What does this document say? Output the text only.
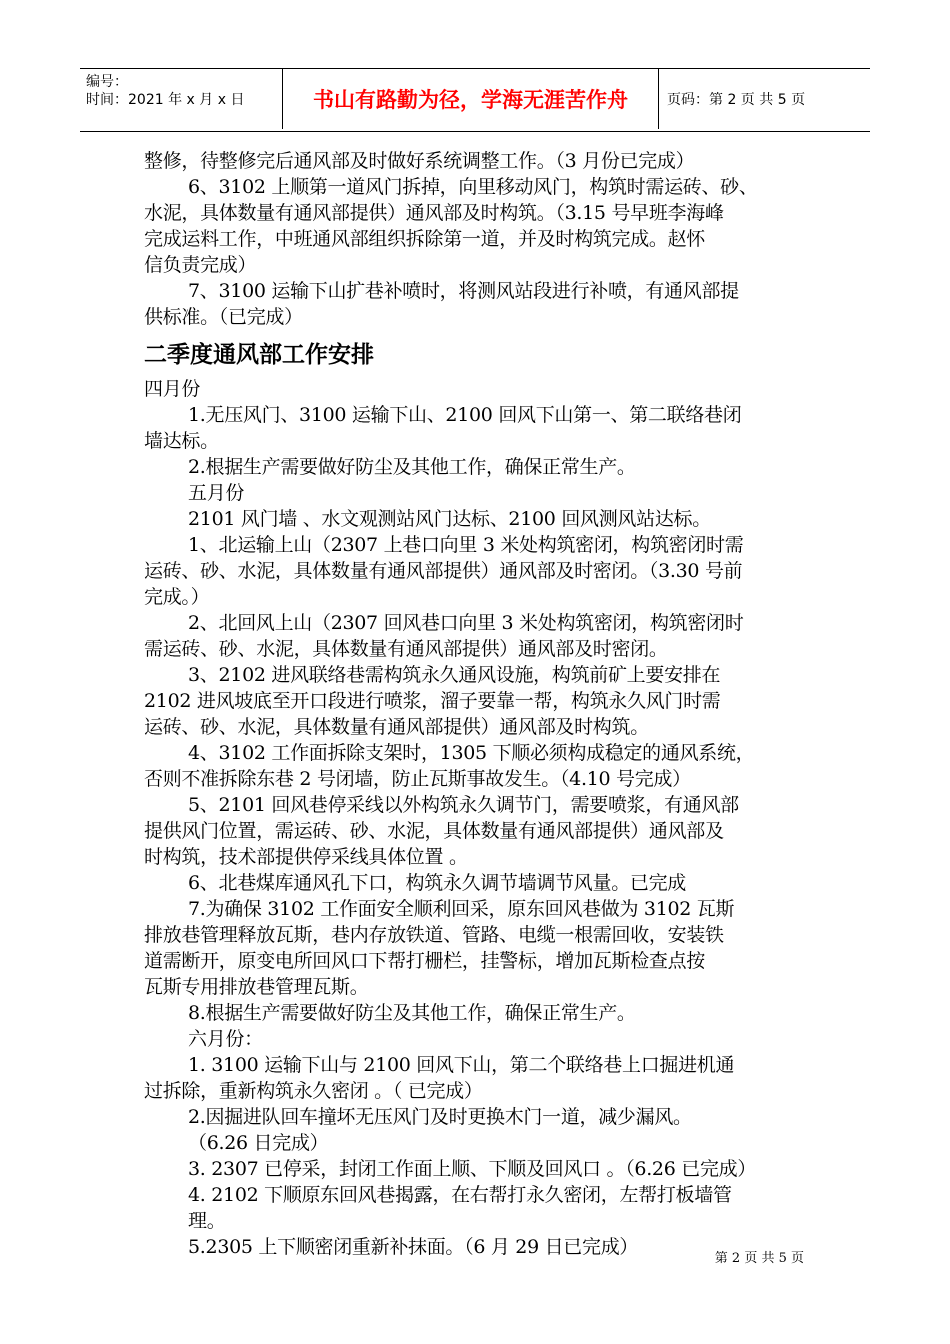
编号：
时间：2021 年 x 月 x 日	书山有路勤为径，学海无涯苦作舟	页码：第 2 页 共 5 页
整修，待整修完后通风部及时做好系统调整工作。（3 月份已完成）
6、3102 上顺第一道风门拆掉，向里移动风门，构筑时需运砖、砂、
水泥，具体数量有通风部提供）通风部及时构筑。（3.15 号早班李海峰
完成运料工作，中班通风部组织拆除第一道，并及时构筑完成。赵怀
信负责完成）
7、3100 运输下山扩巷补喷时，将测风站段进行补喷，有通风部提
供标准。（已完成）
二季度通风部工作安排
四月份
1.无压风门、3100 运输下山、2100 回风下山第一、第二联络巷闭
墙达标。
2.根据生产需要做好防尘及其他工作，确保正常生产。
五月份
2101 风门墙 、水文观测站风门达标、2100 回风测风站达标。
1、北运输上山（2307 上巷口向里 3 米处构筑密闭，构筑密闭时需
运砖、砂、水泥，具体数量有通风部提供）通风部及时密闭。（3.30 号前
完成。）
2、北回风上山（2307 回风巷口向里 3 米处构筑密闭，构筑密闭时
需运砖、砂、水泥，具体数量有通风部提供）通风部及时密闭。
3、2102 进风联络巷需构筑永久通风设施，构筑前矿上要安排在
2102 进风坡底至开口段进行喷浆，溜子要靠一帮，构筑永久风门时需
运砖、砂、水泥，具体数量有通风部提供）通风部及时构筑。
4、3102 工作面拆除支架时，1305 下顺必须构成稳定的通风系统，
否则不准拆除东巷 2 号闭墙，防止瓦斯事故发生。（4.10 号完成）
5、2101 回风巷停采线以外构筑永久调节门，需要喷浆，有通风部
提供风门位置，需运砖、砂、水泥，具体数量有通风部提供）通风部及
时构筑，技术部提供停采线具体位置 。
6、北巷煤库通风孔下口，构筑永久调节墙调节风量。已完成
7.为确保 3102 工作面安全顺利回采，原东回风巷做为 3102 瓦斯
排放巷管理释放瓦斯，巷内存放铁道、管路、电缆一根需回收，安装铁
道需断开，原变电所回风口下帮打栅栏，挂警标，增加瓦斯检查点按
瓦斯专用排放巷管理瓦斯。
8.根据生产需要做好防尘及其他工作，确保正常生产。
六月份：
1. 3100 运输下山与 2100 回风下山，第二个联络巷上口掘进机通
过拆除，重新构筑永久密闭 。（ 已完成）
2.因掘进队回车撞坏无压风门及时更换木门一道，减少漏风。
（6.26 日完成）
3. 2307 已停采，封闭工作面上顺、下顺及回风口 。（6.26 已完成）
4. 2102 下顺原东回风巷揭露，在右帮打永久密闭，左帮打板墙管
理。
5.2305 上下顺密闭重新补抹面。（6 月 29 日已完成）
第 2 页 共 5 页
